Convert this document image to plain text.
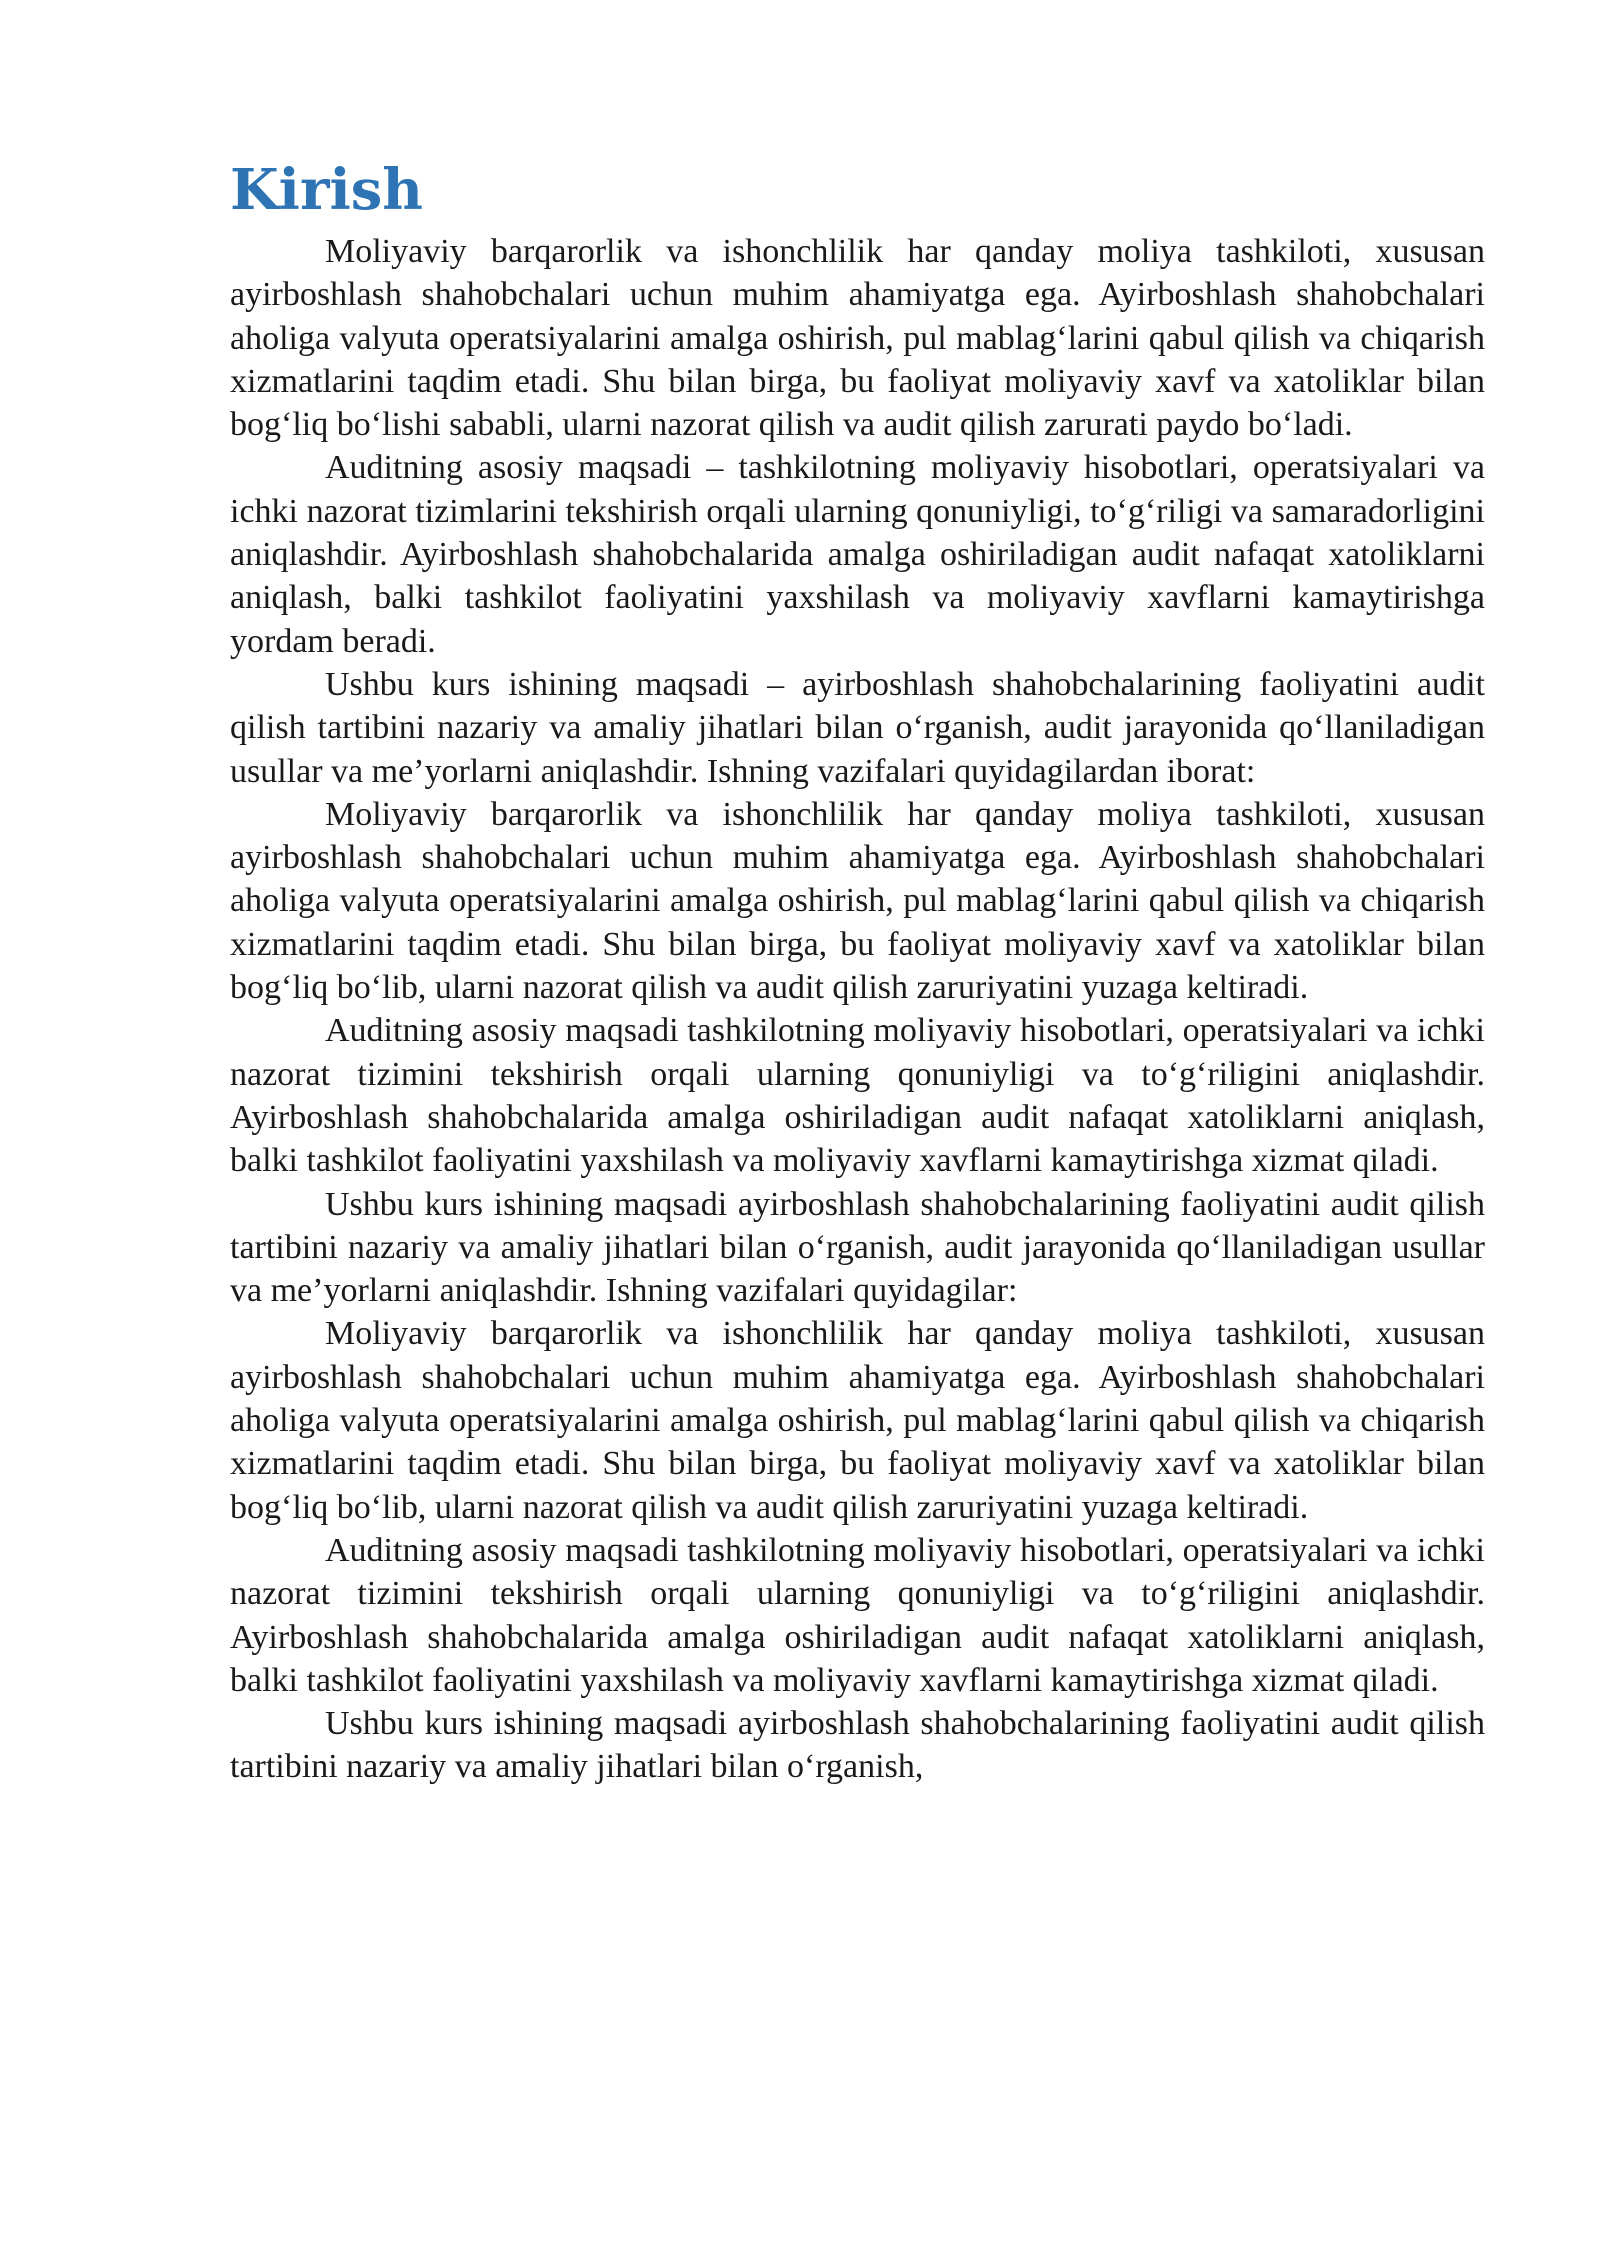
Kirish

Moliyaviy barqarorlik va ishonchlilik har qanday moliya tashkiloti, xususan ayirboshlash shahobchalari uchun muhim ahamiyatga ega. Ayirboshlash shahobchalari aholiga valyuta operatsiyalarini amalga oshirish, pul mablag‘larini qabul qilish va chiqarish xizmatlarini taqdim etadi. Shu bilan birga, bu faoliyat moliyaviy xavf va xatoliklar bilan bog‘liq bo‘lishi sababli, ularni nazorat qilish va audit qilish zarurati paydo bo‘ladi.

Auditning asosiy maqsadi – tashkilotning moliyaviy hisobotlari, operatsiyalari va ichki nazorat tizimlarini tekshirish orqali ularning qonuniyligi, to‘g‘riligi va samaradorligini aniqlashdir. Ayirboshlash shahobchalarida amalga oshiriladigan audit nafaqat xatoliklarni aniqlash, balki tashkilot faoliyatini yaxshilash va moliyaviy xavflarni kamaytirishga yordam beradi.

Ushbu kurs ishining maqsadi – ayirboshlash shahobchalarining faoliyatini audit qilish tartibini nazariy va amaliy jihatlari bilan o‘rganish, audit jarayonida qo‘llaniladigan usullar va me’yorlarni aniqlashdir. Ishning vazifalari quyidagilardan iborat:

Moliyaviy barqarorlik va ishonchlilik har qanday moliya tashkiloti, xususan ayirboshlash shahobchalari uchun muhim ahamiyatga ega. Ayirboshlash shahobchalari aholiga valyuta operatsiyalarini amalga oshirish, pul mablag‘larini qabul qilish va chiqarish xizmatlarini taqdim etadi. Shu bilan birga, bu faoliyat moliyaviy xavf va xatoliklar bilan bog‘liq bo‘lib, ularni nazorat qilish va audit qilish zaruriyatini yuzaga keltiradi.

Auditning asosiy maqsadi tashkilotning moliyaviy hisobotlari, operatsiyalari va ichki nazorat tizimini tekshirish orqali ularning qonuniyligi va to‘g‘riligini aniqlashdir. Ayirboshlash shahobchalarida amalga oshiriladigan audit nafaqat xatoliklarni aniqlash, balki tashkilot faoliyatini yaxshilash va moliyaviy xavflarni kamaytirishga xizmat qiladi.

Ushbu kurs ishining maqsadi ayirboshlash shahobchalarining faoliyatini audit qilish tartibini nazariy va amaliy jihatlari bilan o‘rganish, audit jarayonida qo‘llaniladigan usullar va me’yorlarni aniqlashdir. Ishning vazifalari quyidagilar:

Moliyaviy barqarorlik va ishonchlilik har qanday moliya tashkiloti, xususan ayirboshlash shahobchalari uchun muhim ahamiyatga ega. Ayirboshlash shahobchalari aholiga valyuta operatsiyalarini amalga oshirish, pul mablag‘larini qabul qilish va chiqarish xizmatlarini taqdim etadi. Shu bilan birga, bu faoliyat moliyaviy xavf va xatoliklar bilan bog‘liq bo‘lib, ularni nazorat qilish va audit qilish zaruriyatini yuzaga keltiradi.

Auditning asosiy maqsadi tashkilotning moliyaviy hisobotlari, operatsiyalari va ichki nazorat tizimini tekshirish orqali ularning qonuniyligi va to‘g‘riligini aniqlashdir. Ayirboshlash shahobchalarida amalga oshiriladigan audit nafaqat xatoliklarni aniqlash, balki tashkilot faoliyatini yaxshilash va moliyaviy xavflarni kamaytirishga xizmat qiladi.

Ushbu kurs ishining maqsadi ayirboshlash shahobchalarining faoliyatini audit qilish tartibini nazariy va amaliy jihatlari bilan o‘rganish,
